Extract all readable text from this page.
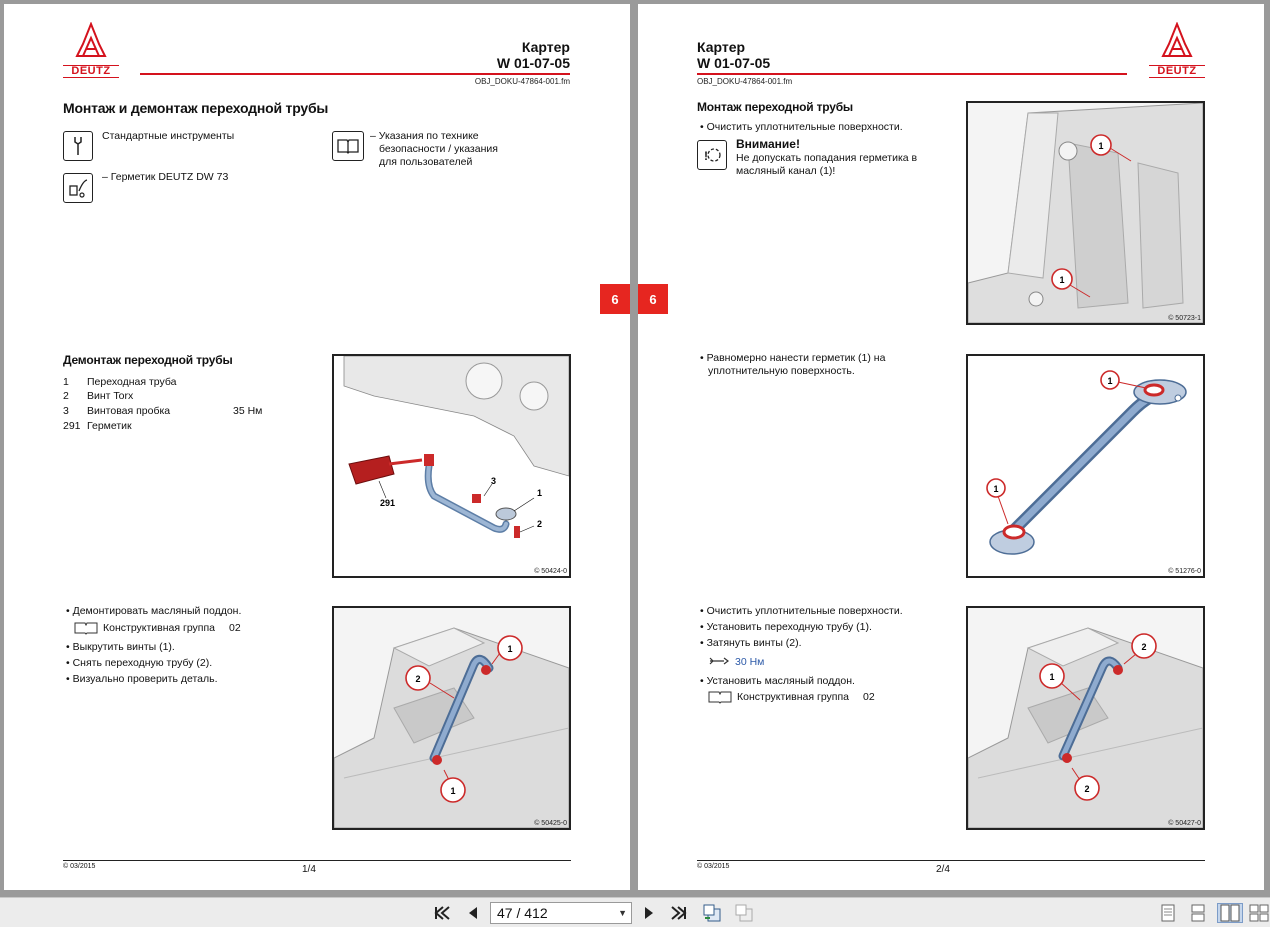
DEUTZ
Картер
W 01-07-05
OBJ_DOKU-47864-001.fm
Монтаж и демонтаж переходной трубы
Стандартные инструменты
– Герметик DEUTZ DW 73
– Указания по технике
безопасности / указания
для пользователей
6
Демонтаж переходной трубы
1 Переходная труба
2 Винт Torx
3 Винтовая пробка	35 Нм
291 Герметик
291
3
1
2
© 50424-0
• Демонтировать масляный поддон.
Конструктивная группа 02
• Выкрутить винты (1).
• Снять переходную трубу (2).
• Визуально проверить деталь.
1
2
1
© 50425-0
© 03/2015	1/4
Картер
W 01-07-05
OBJ_DOKU-47864-001.fm
DEUTZ
6
Монтаж переходной трубы
• Очистить уплотнительные поверхности.
!
Внимание!
Не допускать попадания герметика в
масляный канал (1)!
1
1
© 50723-1
• Равномерно нанести герметик (1) на
уплотнительную поверхность.
1
1
© 51276-0
• Очистить уплотнительные поверхности.
• Установить переходную трубу (1).
• Затянуть винты (2).
30 Нм
• Установить масляный поддон.
Конструктивная группа 02
2
1
2
© 50427-0
© 03/2015	2/4
47 / 412	▼
